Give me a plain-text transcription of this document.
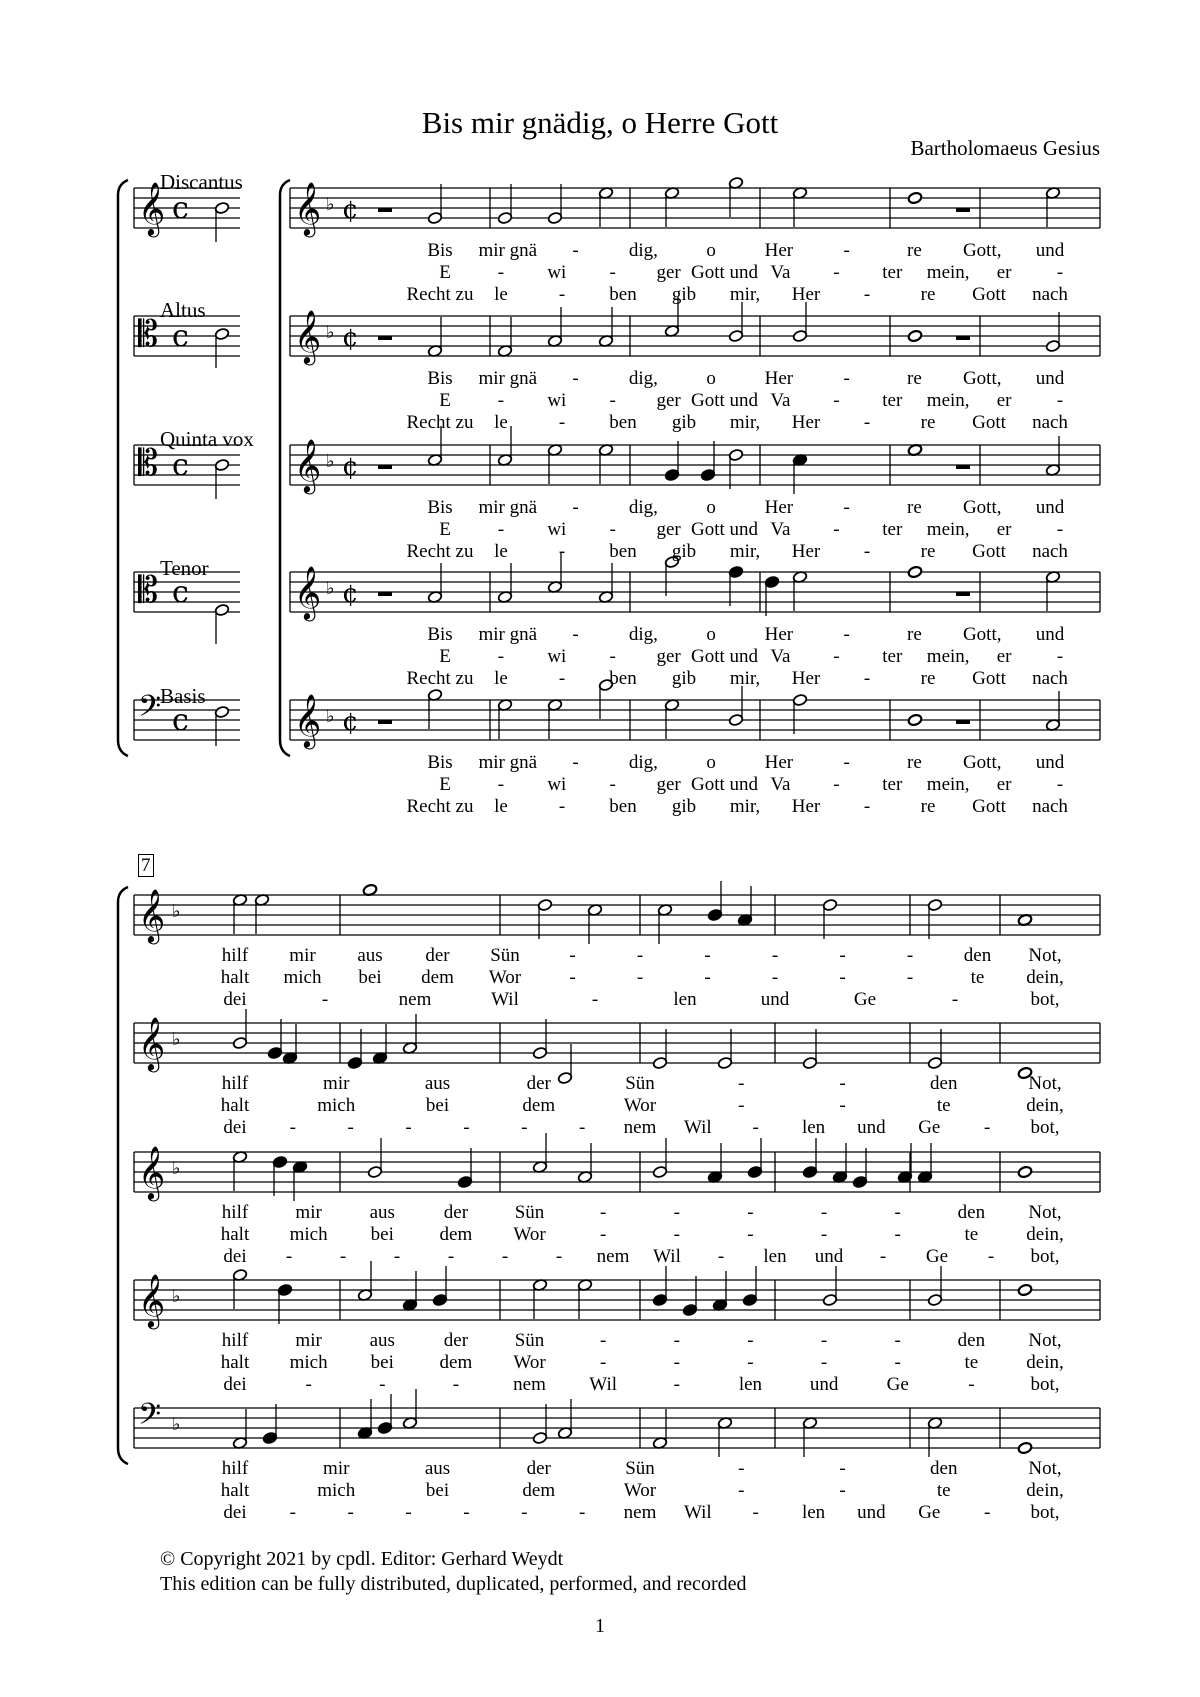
Bis mir gnädig, o Herre Gott
Bartholomaeus Gesius
Discantus
Altus
Quinta vox
Tenor
Basis
7
𝄞 c 𝄞 ♭ ¢
𝄡 c 𝄞 ♭ ¢
𝄡 c 𝄞 ♭ ¢
𝄡 c 𝄞 ♭ ¢
𝄢 c 𝄞 ♭ ¢
𝄞 ♭
𝄞 ♭
𝄞 ♭
𝄞 ♭
𝄢 ♭
Bis mir gnä -	dig,	o	Her	-	re Gott, und
E - wi - ger Gott und Va - ter mein, er -
Recht zu le	- ben gib mir, Her -	re Gott nach
Bis mir gnä -	dig,	o	Her	-	re Gott, und
E - wi - ger Gott und Va - ter mein, er -
Recht zu le	- ben gib mir, Her -	re Gott nach
Bis mir gnä -	dig,	o	Her	-	re Gott, und
E - wi - ger Gott und Va - ter mein, er -
Recht zu le	- ben gib mir, Her -	re Gott nach
Bis mir gnä -	dig,	o	Her	-	re Gott, und
E - wi - ger Gott und Va - ter mein, er -
Recht zu le	- ben gib mir, Her -	re Gott nach
Bis mir gnä -	dig,	o	Her	-	re Gott, und
E - wi - ger Gott und Va - ter mein, er -
Recht zu le	- ben gib mir, Her -	re Gott nach
hilf mir aus der Sün	-	-	-	-	-	-	den Not,
halt mich bei dem Wor	-	-	-	-	-	-	te dein,
dei	-	nem	Wil	-	len	und	Ge	-	bot,
hilf	mir	aus	der	Sün	-	-	den	Not,
halt	mich	bei	dem	Wor	-	-	te	dein,
dei -	-	-	-	-	- nem Wil - len und Ge - bot,
hilf mir	aus	der Sün	-	-	-	-	-	den Not,
halt mich bei dem Wor	-	-	-	-	-	te	dein,
dei -	-	-	-	-	- nem Wil - len und - Ge - bot,
hilf mir	aus	der Sün	-	-	-	-	-	den Not,
halt mich bei dem Wor	-	-	-	-	-	te	dein,
dei	-	-	-	nem Wil	-	len	und	Ge	-	bot,
hilf	mir	aus	der	Sün	-	-	den	Not,
halt	mich	bei	dem	Wor	-	-	te	dein,
dei -	-	-	-	-	- nem Wil - len und Ge - bot,
© Copyright 2021 by cpdl. Editor: Gerhard Weydt
This edition can be fully distributed, duplicated, performed, and recorded
1
